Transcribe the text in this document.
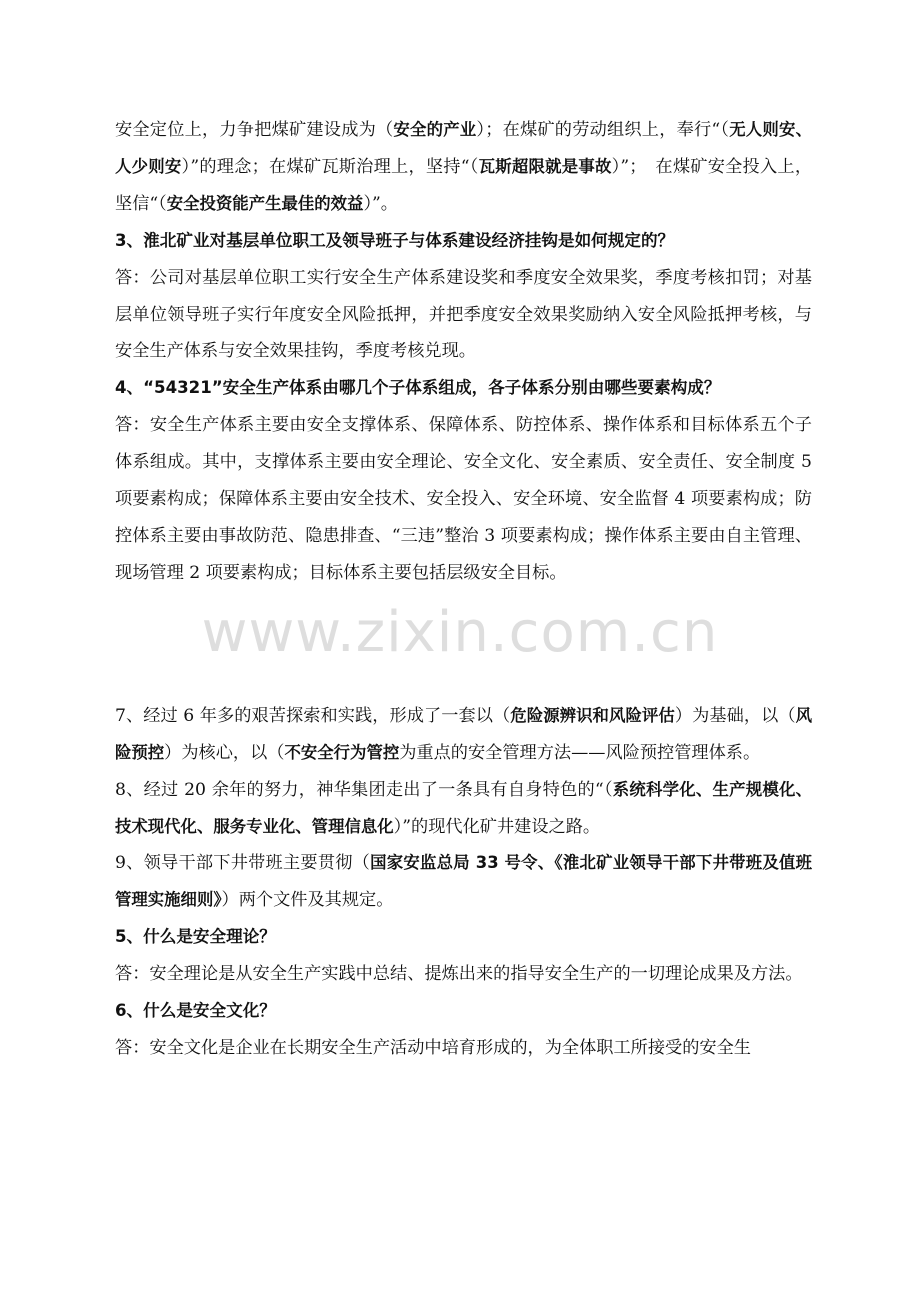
安全定位上，力争把煤矿建设成为（安全的产业）；在煤矿的劳动组织上，奉行“（无人则安、人少则安）”的理念；在煤矿瓦斯治理上，坚持“（瓦斯超限就是事故）”；　在煤矿安全投入上，坚信“（安全投资能产生最佳的效益）”。

3、淮北矿业对基层单位职工及领导班子与体系建设经济挂钩是如何规定的？

答：公司对基层单位职工实行安全生产体系建设奖和季度安全效果奖，季度考核扣罚；对基层单位领导班子实行年度安全风险抵押，并把季度安全效果奖励纳入安全风险抵押考核，与安全生产体系与安全效果挂钩，季度考核兑现。

4、“54321”安全生产体系由哪几个子体系组成，各子体系分别由哪些要素构成？

答：安全生产体系主要由安全支撑体系、保障体系、防控体系、操作体系和目标体系五个子体系组成。其中，支撑体系主要由安全理论、安全文化、安全素质、安全责任、安全制度 5 项要素构成；保障体系主要由安全技术、安全投入、安全环境、安全监督 4 项要素构成；防控体系主要由事故防范、隐患排查、“三违”整治 3 项要素构成；操作体系主要由自主管理、现场管理 2 项要素构成；目标体系主要包括层级安全目标。

7、经过 6 年多的艰苦探索和实践，形成了一套以（危险源辨识和风险评估）为基础，以（风险预控）为核心，以（不安全行为管控为重点的安全管理方法——风险预控管理体系。

8、经过 20 余年的努力，神华集团走出了一条具有自身特色的“（系统科学化、生产规模化、技术现代化、服务专业化、管理信息化）”的现代化矿井建设之路。

9、领导干部下井带班主要贯彻（国家安监总局 33 号令、《淮北矿业领导干部下井带班及值班管理实施细则》）两个文件及其规定。

5、什么是安全理论？

答：安全理论是从安全生产实践中总结、提炼出来的指导安全生产的一切理论成果及方法。

6、什么是安全文化？

答：安全文化是企业在长期安全生产活动中培育形成的，为全体职工所接受的安全生

www.zixin.com.cn
